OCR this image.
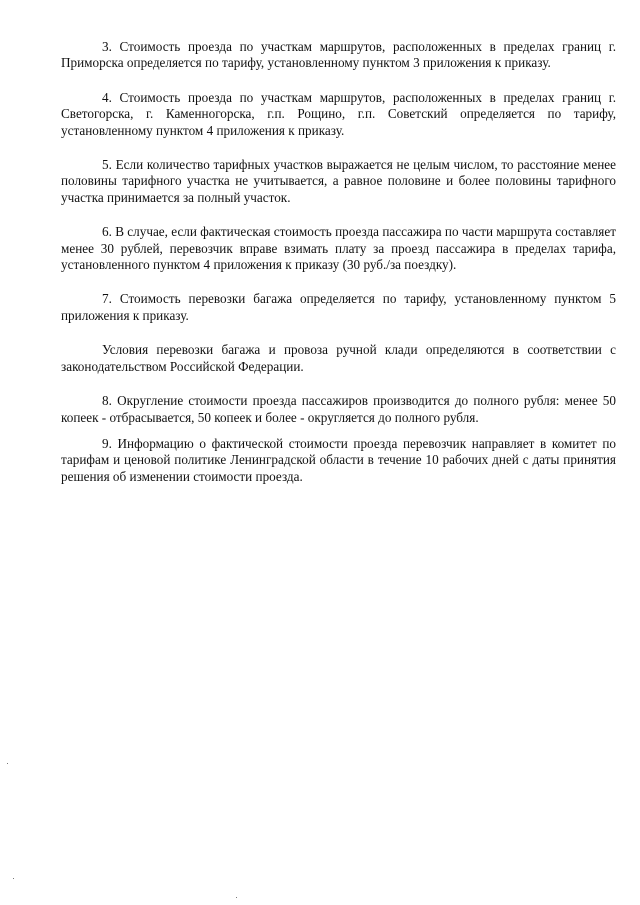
3. Стоимость проезда по участкам маршрутов, расположенных в пределах границ г. Приморска определяется по тарифу, установленному пунктом 3 приложения к приказу.

4. Стоимость проезда по участкам маршрутов, расположенных в пределах границ г. Светогорска, г. Каменногорска, г.п. Рощино, г.п. Советский определяется по тарифу, установленному пунктом 4 приложения к приказу.

5. Если количество тарифных участков выражается не целым числом, то расстояние менее половины тарифного участка не учитывается, а равное половине и более половины тарифного участка принимается за полный участок.

6. В случае, если фактическая стоимость проезда пассажира по части маршрута составляет менее 30 рублей, перевозчик вправе взимать плату за проезд пассажира в пределах тарифа, установленного пунктом 4 приложения к приказу (30 руб./за поездку).

7. Стоимость перевозки багажа определяется по тарифу, установленному пунктом 5 приложения к приказу.

Условия перевозки багажа и провоза ручной клади определяются в соответствии с законодательством Российской Федерации.

8. Округление стоимости проезда пассажиров производится до полного рубля: менее 50 копеек - отбрасывается, 50 копеек и более - округляется до полного рубля.

9. Информацию о фактической стоимости проезда перевозчик направляет в комитет по тарифам и ценовой политике Ленинградской области в течение 10 рабочих дней с даты принятия решения об изменении стоимости проезда.
